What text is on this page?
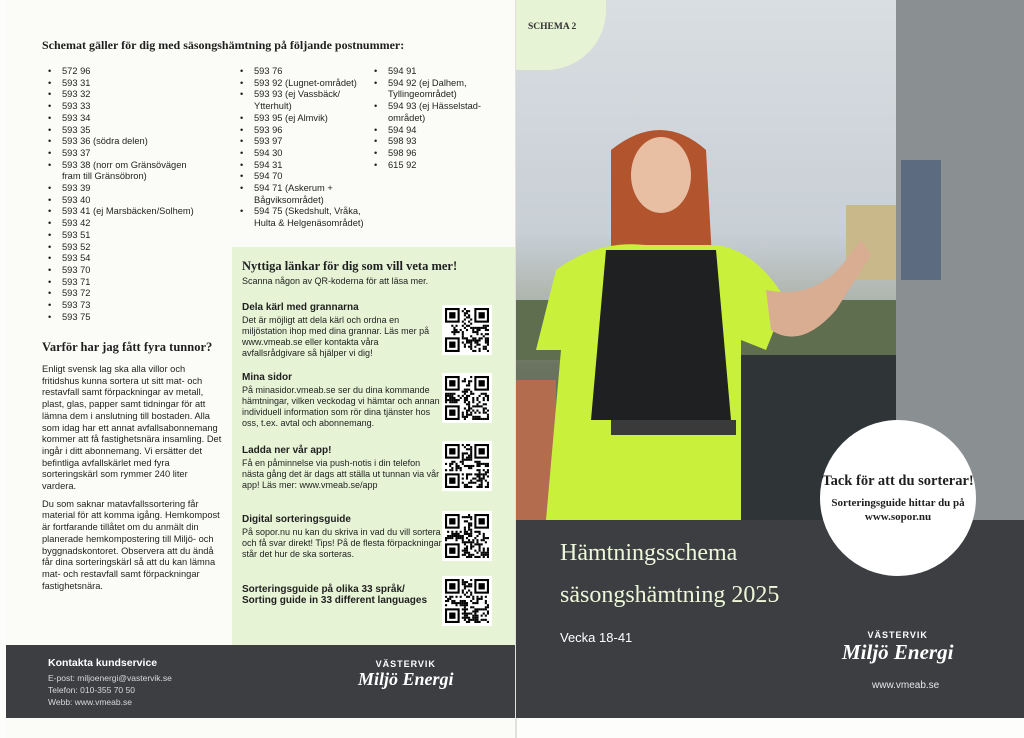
Schemat gäller för dig med säsongshämtning på följande postnummer:
• 572 96
• 593 31
• 593 32
• 593 33
• 593 34
• 593 35
• 593 36 (södra delen)
• 593 37
• 593 38 (norr om Gränsövägen fram till Gränsöbron)
• 593 39
• 593 40
• 593 41 (ej Marsbäcken/Solhem)
• 593 42
• 593 51
• 593 52
• 593 54
• 593 70
• 593 71
• 593 72
• 593 73
• 593 75
• 593 76
• 593 92 (Lugnet-området)
• 593 93 (ej Vassbäck/ Ytterhult)
• 593 95 (ej Almvik)
• 593 96
• 593 97
• 594 30
• 594 31
• 594 70
• 594 71 (Askerum + Bågviksområdet)
• 594 75 (Skedshult, Vråka, Hulta & Helgenäsområdet)
• 594 91
• 594 92 (ej Dalhem, Tyllingeområdet)
• 594 93 (ej Hässelstad-området)
• 594 94
• 598 93
• 598 96
• 615 92
Varför har jag fått fyra tunnor?

Enligt svensk lag ska alla villor och fritidshus kunna sortera ut sitt mat- och restavfall samt förpackningar av metall, plast, glas, papper samt tidningar för att lämna dem i anslutning till bostaden. Alla som idag har ett annat avfallsabonnemang kommer att få fastighetsnära insamling. Det ingår i ditt abonnemang. Vi ersätter det befintliga avfallskärlet med fyra sorteringskärl som rymmer 240 liter vardera.

Du som saknar matavfallssortering får material för att komma igång. Hemkompost är fortfarande tillåtet om du anmält din planerade hemkompostering till Miljö- och byggnadskontoret. Observera att du ändå får dina sorteringskärl så att du kan lämna mat- och restavfall samt förpackningar fastighetsnära.

Nyttiga länkar för dig som vill veta mer!
Scanna någon av QR-koderna för att läsa mer.
Dela kärl med grannarna

Det är möjligt att dela kärl och ordna en miljöstation ihop med dina grannar. Läs mer på www.vmeab.se eller kontakta våra avfallsrådgivare så hjälper vi dig!

Mina sidor

På minasidor.vmeab.se ser du dina kommande hämtningar, vilken veckodag vi hämtar och annan individuell information som rör dina tjänster hos oss, t.ex. avtal och abonnemang.

Ladda ner vår app!

Få en påminnelse via push-notis i din telefon nästa gång det är dags att ställa ut tunnan via vår app! Läs mer: www.vmeab.se/app

Digital sorteringsguide

På sopor.nu nu kan du skriva in vad du vill sortera och få svar direkt! Tips! På de flesta förpackningar står det hur de ska sorteras.

Sorteringsguide på olika 33 språk/ Sorting guide in 33 different languages
Kontakta kundservice
E-post: miljoenergi@vastervik.se
Telefon: 010-355 70 50
Webb: www.vmeab.se
VÄSTERVIK
Miljö Energi
SCHEMA 2
Hämtningsschema
säsongshämtning 2025
Vecka 18-41
Tack för att du sorterar!
Sorteringsguide hittar du på www.sopor.nu
VÄSTERVIK
Miljö Energi
www.vmeab.se
